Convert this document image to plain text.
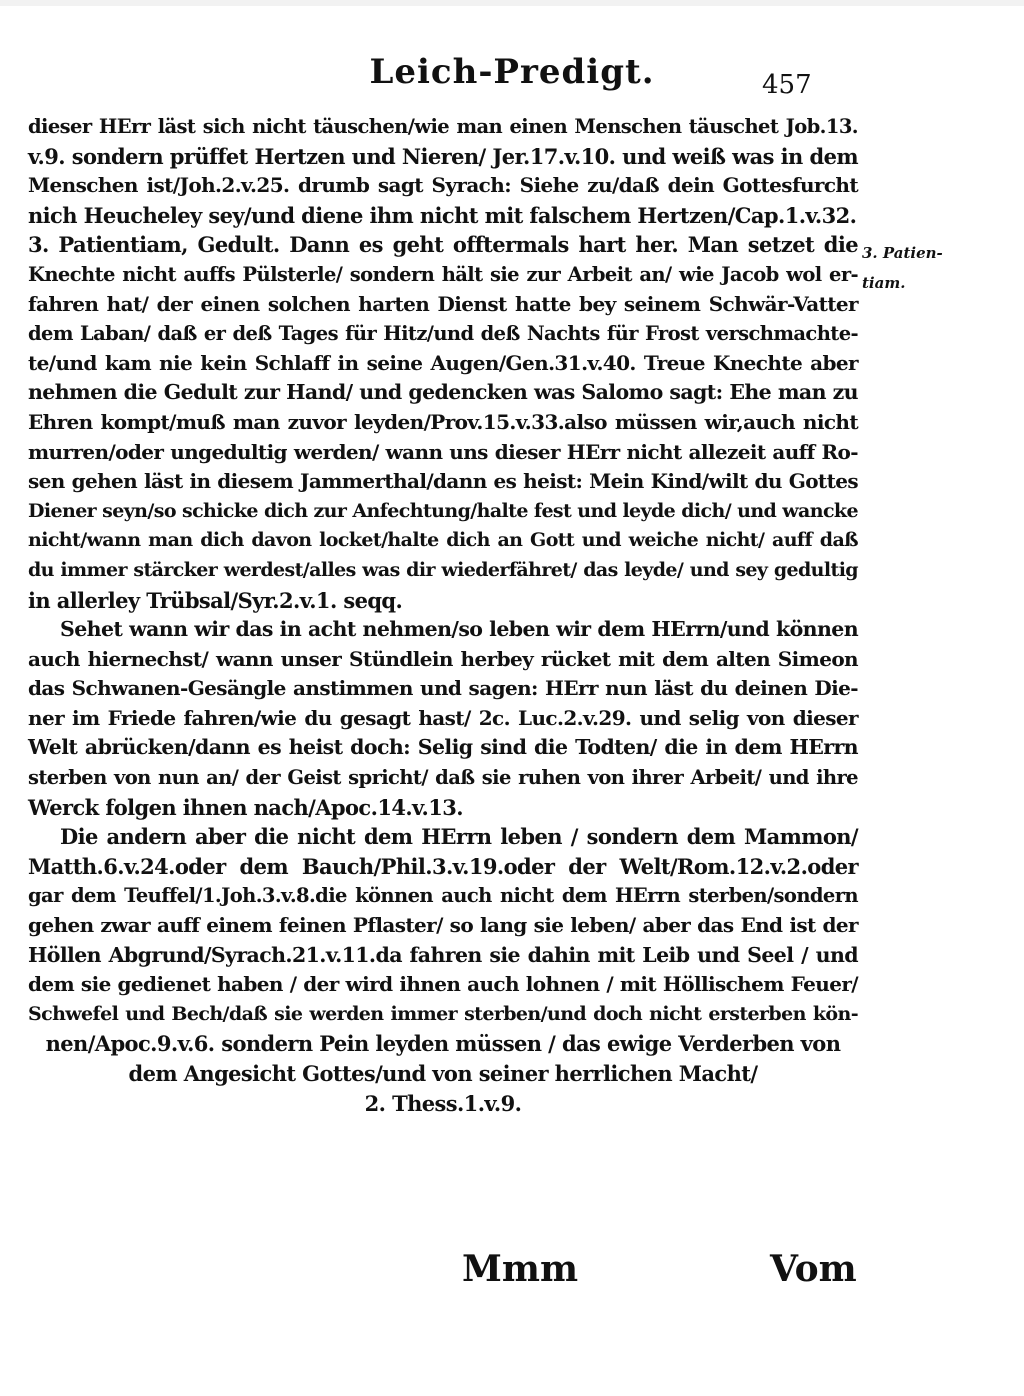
Leich-Predigt.	457
3. Patien-
tiam.
dieser HErr läst sich nicht täuschen/wie man einen Menschen täuschet Job.13.
v.9. sondern prüffet Hertzen und Nieren/ Jer.17.v.10. und weiß was in dem
Menschen ist/Joh.2.v.25. drumb sagt Syrach: Siehe zu/daß dein Gottesfurcht
nich Heucheley sey/und diene ihm nicht mit falschem Hertzen/Cap.1.v.32.
3. Patientiam, Gedult. Dann es geht offtermals hart her. Man setzet die
Knechte nicht auffs Pülsterle/ sondern hält sie zur Arbeit an/ wie Jacob wol er-
fahren hat/ der einen solchen harten Dienst hatte bey seinem Schwär-Vatter
dem Laban/ daß er deß Tages für Hitz/und deß Nachts für Frost verschmachte-
te/und kam nie kein Schlaff in seine Augen/Gen.31.v.40. Treue Knechte aber
nehmen die Gedult zur Hand/ und gedencken was Salomo sagt: Ehe man zu
Ehren kompt/muß man zuvor leyden/Prov.15.v.33.also müssen wir,auch nicht
murren/oder ungedultig werden/ wann uns dieser HErr nicht allezeit auff Ro-
sen gehen läst in diesem Jammerthal/dann es heist: Mein Kind/wilt du Gottes
Diener seyn/so schicke dich zur Anfechtung/halte fest und leyde dich/ und wancke
nicht/wann man dich davon locket/halte dich an Gott und weiche nicht/ auff daß
du immer stärcker werdest/alles was dir wiederfähret/ das leyde/ und sey gedultig
in allerley Trübsal/Syr.2.v.1. seqq.
Sehet wann wir das in acht nehmen/so leben wir dem HErrn/und können
auch hiernechst/ wann unser Stündlein herbey rücket mit dem alten Simeon
das Schwanen-Gesängle anstimmen und sagen: HErr nun läst du deinen Die-
ner im Friede fahren/wie du gesagt hast/ 2c. Luc.2.v.29. und selig von dieser
Welt abrücken/dann es heist doch: Selig sind die Todten/ die in dem HErrn
sterben von nun an/ der Geist spricht/ daß sie ruhen von ihrer Arbeit/ und ihre
Werck folgen ihnen nach/Apoc.14.v.13.
Die andern aber die nicht dem HErrn leben / sondern dem Mammon/
Matth.6.v.24.oder dem Bauch/Phil.3.v.19.oder der Welt/Rom.12.v.2.oder
gar dem Teuffel/1.Joh.3.v.8.die können auch nicht dem HErrn sterben/sondern
gehen zwar auff einem feinen Pflaster/ so lang sie leben/ aber das End ist der
Höllen Abgrund/Syrach.21.v.11.da fahren sie dahin mit Leib und Seel / und
dem sie gedienet haben / der wird ihnen auch lohnen / mit Höllischem Feuer/
Schwefel und Bech/daß sie werden immer sterben/und doch nicht ersterben kön-
nen/Apoc.9.v.6. sondern Pein leyden müssen / das ewige Verderben von
dem Angesicht Gottes/und von seiner herrlichen Macht/
2. Thess.1.v.9.
Mmm	Vom
